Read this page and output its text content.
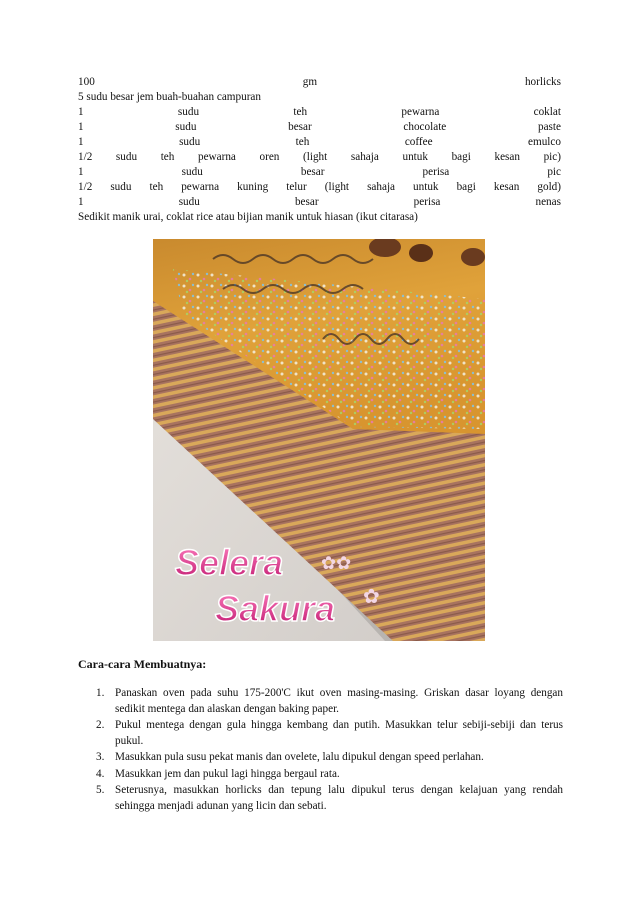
100	gm	horlicks
5 sudu besar jem buah-buahan campuran
1	sudu	teh	pewarna	coklat
1	sudu	besar	chocolate	paste
1	sudu	teh	coffee	emulco
1/2 sudu teh pewarna oren (light sahaja untuk bagi kesan pic)
1	sudu	besar	perisa	pic
1/2 sudu teh pewarna kuning telur (light sahaja untuk bagi kesan gold)
1	sudu	besar	perisa	nenas
Sedikit manik urai, coklat rice atau bijian manik untuk hiasan (ikut citarasa)
Selera
Sakura
✿✿
✿
Cara-cara Membuatnya:
1. Panaskan oven pada suhu 175-200'C ikut oven masing-masing. Griskan dasar loyang dengan sedikit mentega dan alaskan dengan baking paper.
2. Pukul mentega dengan gula hingga kembang dan putih. Masukkan telur sebiji-sebiji dan terus pukul.
3. Masukkan pula susu pekat manis dan ovelete, lalu dipukul dengan speed perlahan.
4. Masukkan jem dan pukul lagi hingga bergaul rata.
5. Seterusnya, masukkan horlicks dan tepung lalu dipukul terus dengan kelajuan yang rendah sehingga menjadi adunan yang licin dan sebati.
